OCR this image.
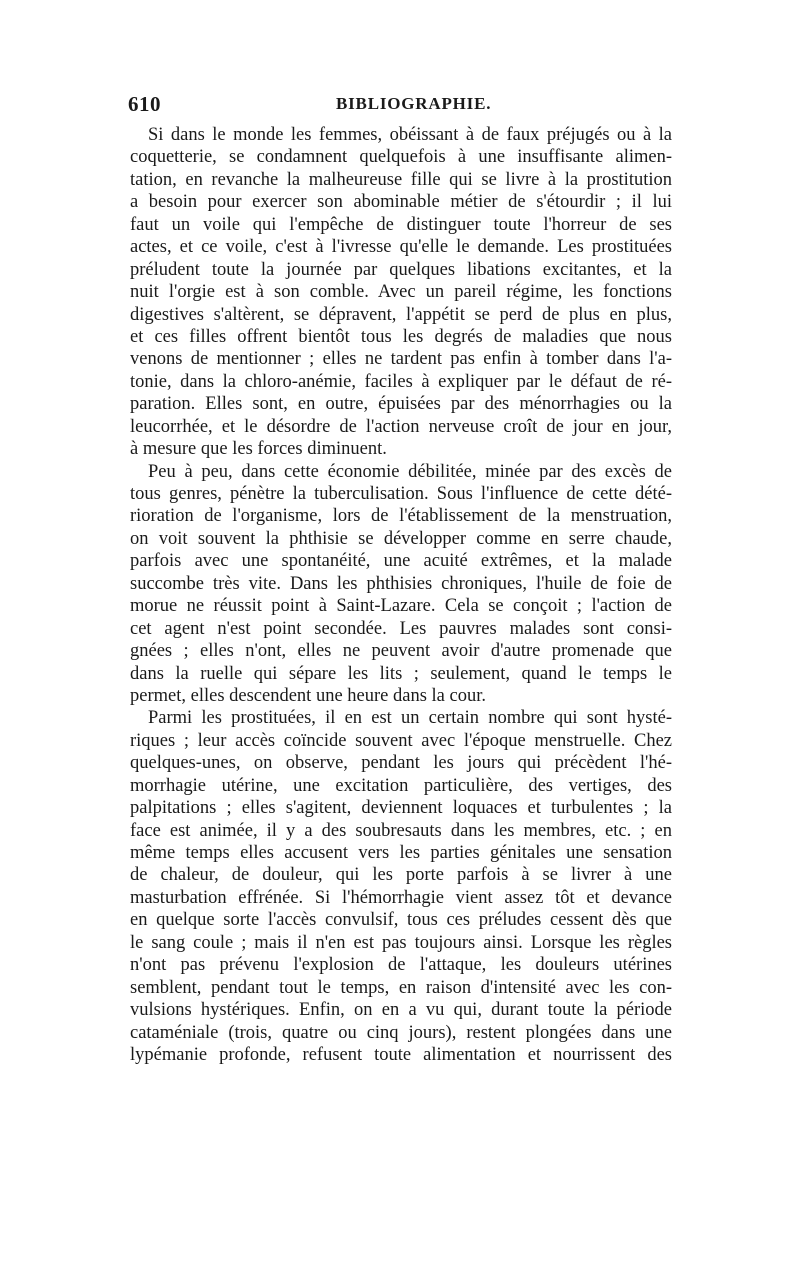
610	BIBLIOGRAPHIE.
Si dans le monde les femmes, obéissant à de faux préjugés ou à la
coquetterie, se condamnent quelquefois à une insuffisante alimen-
tation, en revanche la malheureuse fille qui se livre à la prostitution
a besoin pour exercer son abominable métier de s'étourdir ; il lui
faut un voile qui l'empêche de distinguer toute l'horreur de ses
actes, et ce voile, c'est à l'ivresse qu'elle le demande. Les prostituées
préludent toute la journée par quelques libations excitantes, et la
nuit l'orgie est à son comble. Avec un pareil régime, les fonctions
digestives s'altèrent, se dépravent, l'appétit se perd de plus en plus,
et ces filles offrent bientôt tous les degrés de maladies que nous
venons de mentionner ; elles ne tardent pas enfin à tomber dans l'a-
tonie, dans la chloro-anémie, faciles à expliquer par le défaut de ré-
paration. Elles sont, en outre, épuisées par des ménorrhagies ou la
leucorrhée, et le désordre de l'action nerveuse croît de jour en jour,
à mesure que les forces diminuent.
Peu à peu, dans cette économie débilitée, minée par des excès de
tous genres, pénètre la tuberculisation. Sous l'influence de cette dété-
rioration de l'organisme, lors de l'établissement de la menstruation,
on voit souvent la phthisie se développer comme en serre chaude,
parfois avec une spontanéité, une acuité extrêmes, et la malade
succombe très vite. Dans les phthisies chroniques, l'huile de foie de
morue ne réussit point à Saint-Lazare. Cela se conçoit ; l'action de
cet agent n'est point secondée. Les pauvres malades sont consi-
gnées ; elles n'ont, elles ne peuvent avoir d'autre promenade que
dans la ruelle qui sépare les lits ; seulement, quand le temps le
permet, elles descendent une heure dans la cour.
Parmi les prostituées, il en est un certain nombre qui sont hysté-
riques ; leur accès coïncide souvent avec l'époque menstruelle. Chez
quelques-unes, on observe, pendant les jours qui précèdent l'hé-
morrhagie utérine, une excitation particulière, des vertiges, des
palpitations ; elles s'agitent, deviennent loquaces et turbulentes ; la
face est animée, il y a des soubresauts dans les membres, etc. ; en
même temps elles accusent vers les parties génitales une sensation
de chaleur, de douleur, qui les porte parfois à se livrer à une
masturbation effrénée. Si l'hémorrhagie vient assez tôt et devance
en quelque sorte l'accès convulsif, tous ces préludes cessent dès que
le sang coule ; mais il n'en est pas toujours ainsi. Lorsque les règles
n'ont pas prévenu l'explosion de l'attaque, les douleurs utérines
semblent, pendant tout le temps, en raison d'intensité avec les con-
vulsions hystériques. Enfin, on en a vu qui, durant toute la période
cataméniale (trois, quatre ou cinq jours), restent plongées dans une
lypémanie profonde, refusent toute alimentation et nourrissent des
